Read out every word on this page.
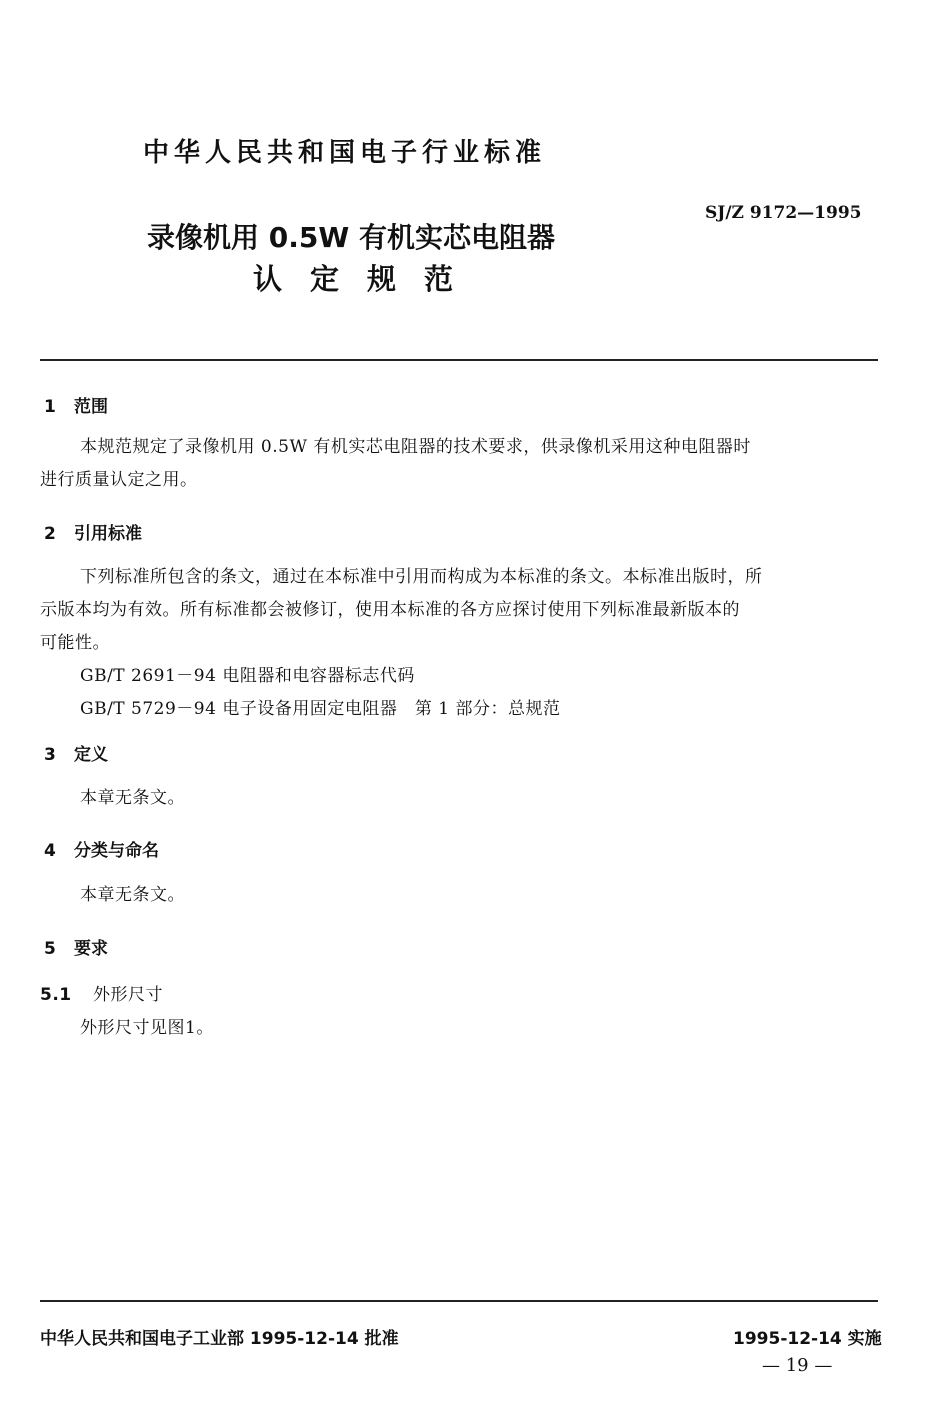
中华人民共和国电子行业标准
SJ/Z 9172—1995
录像机用 0.5W 有机实芯电阻器
认定规范
1 范围
本规范规定了录像机用 0.5W 有机实芯电阻器的技术要求，供录像机采用这种电阻器时
进行质量认定之用。
2 引用标准
下列标准所包含的条文，通过在本标准中引用而构成为本标准的条文。本标准出版时，所
示版本均为有效。所有标准都会被修订，使用本标准的各方应探讨使用下列标准最新版本的
可能性。
GB/T 2691－94 电阻器和电容器标志代码
GB/T 5729－94 电子设备用固定电阻器　第 1 部分：总规范
3 定义
本章无条文。
4 分类与命名
本章无条文。
5 要求
5.1 外形尺寸
外形尺寸见图1。
中华人民共和国电子工业部 1995-12-14 批准	1995-12-14 实施
— 19 —
